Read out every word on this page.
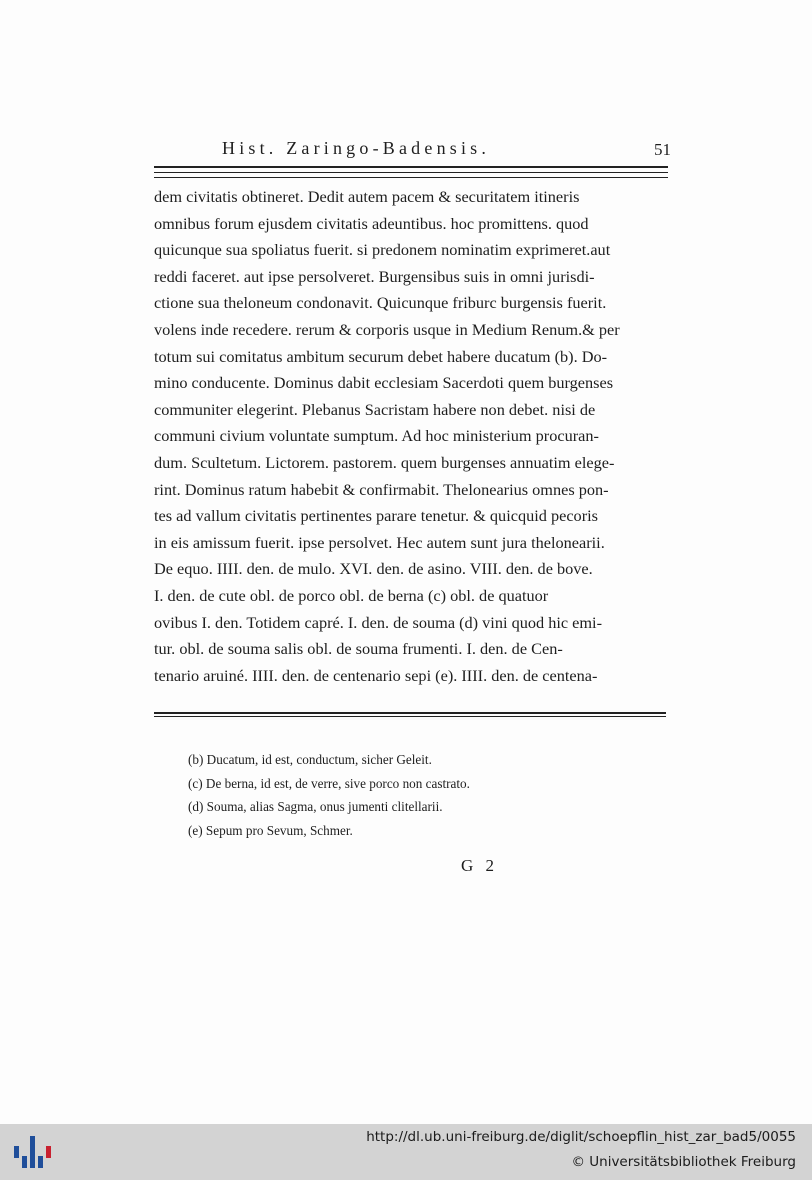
Hist. Zaringo-Badensis.	51
dem civitatis obtineret. Dedit autem pacem & securitatem itineris
omnibus forum ejusdem civitatis adeuntibus. hoc promittens. quod
quicunque sua spoliatus fuerit. si predonem nominatim exprimeret.aut
reddi faceret. aut ipse persolveret. Burgensibus suis in omni jurisdi-
ctione sua theloneum condonavit. Quicunque friburc burgensis fuerit.
volens inde recedere. rerum & corporis usque in Medium Renum.& per
totum sui comitatus ambitum securum debet habere ducatum (b). Do-
mino conducente. Dominus dabit ecclesiam Sacerdoti quem burgenses
communiter elegerint. Plebanus Sacristam habere non debet. nisi de
communi civium voluntate sumptum. Ad hoc ministerium procuran-
dum. Scultetum. Lictorem. pastorem. quem burgenses annuatim elege-
rint. Dominus ratum habebit & confirmabit. Thelonearius omnes pon-
tes ad vallum civitatis pertinentes parare tenetur. & quicquid pecoris
in eis amissum fuerit. ipse persolvet. Hec autem sunt jura thelonearii.
De equo. IIII. den. de mulo. XVI. den. de asino. VIII. den. de bove.
I. den. de cute obl. de porco obl. de berna (c) obl. de quatuor
ovibus I. den. Totidem capré. I. den. de souma (d) vini quod hic emi-
tur. obl. de souma salis obl. de souma frumenti. I. den. de Cen-
tenario aruiné. IIII. den. de centenario sepi (e). IIII. den. de centena-
(b) Ducatum, id est, conductum, sicher Geleit.
(c) De berna, id est, de verre, sive porco non castrato.
(d) Souma, alias Sagma, onus jumenti clitellarii.
(e) Sepum pro Sevum, Schmer.
G 2
http://dl.ub.uni-freiburg.de/diglit/schoepflin_hist_zar_bad5/0055
© Universitätsbibliothek Freiburg
